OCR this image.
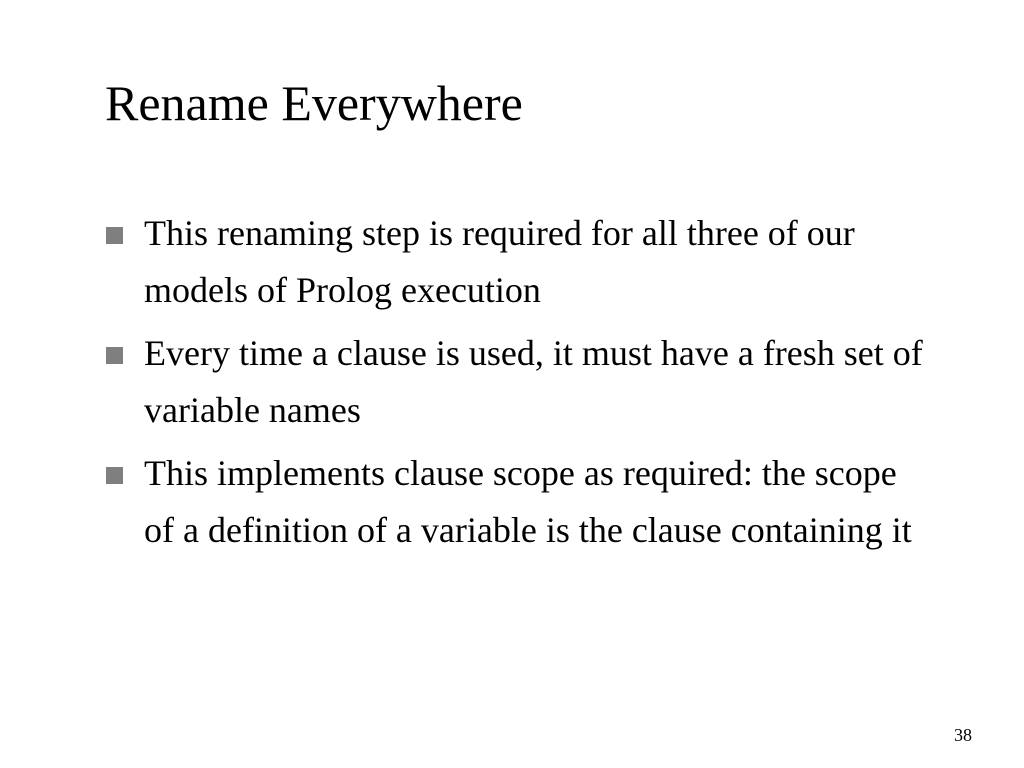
Rename Everywhere
This renaming step is required for all three of our models of Prolog execution
Every time a clause is used, it must have a fresh set of variable names
This implements clause scope as required: the scope of a definition of a variable is the clause containing it
38
